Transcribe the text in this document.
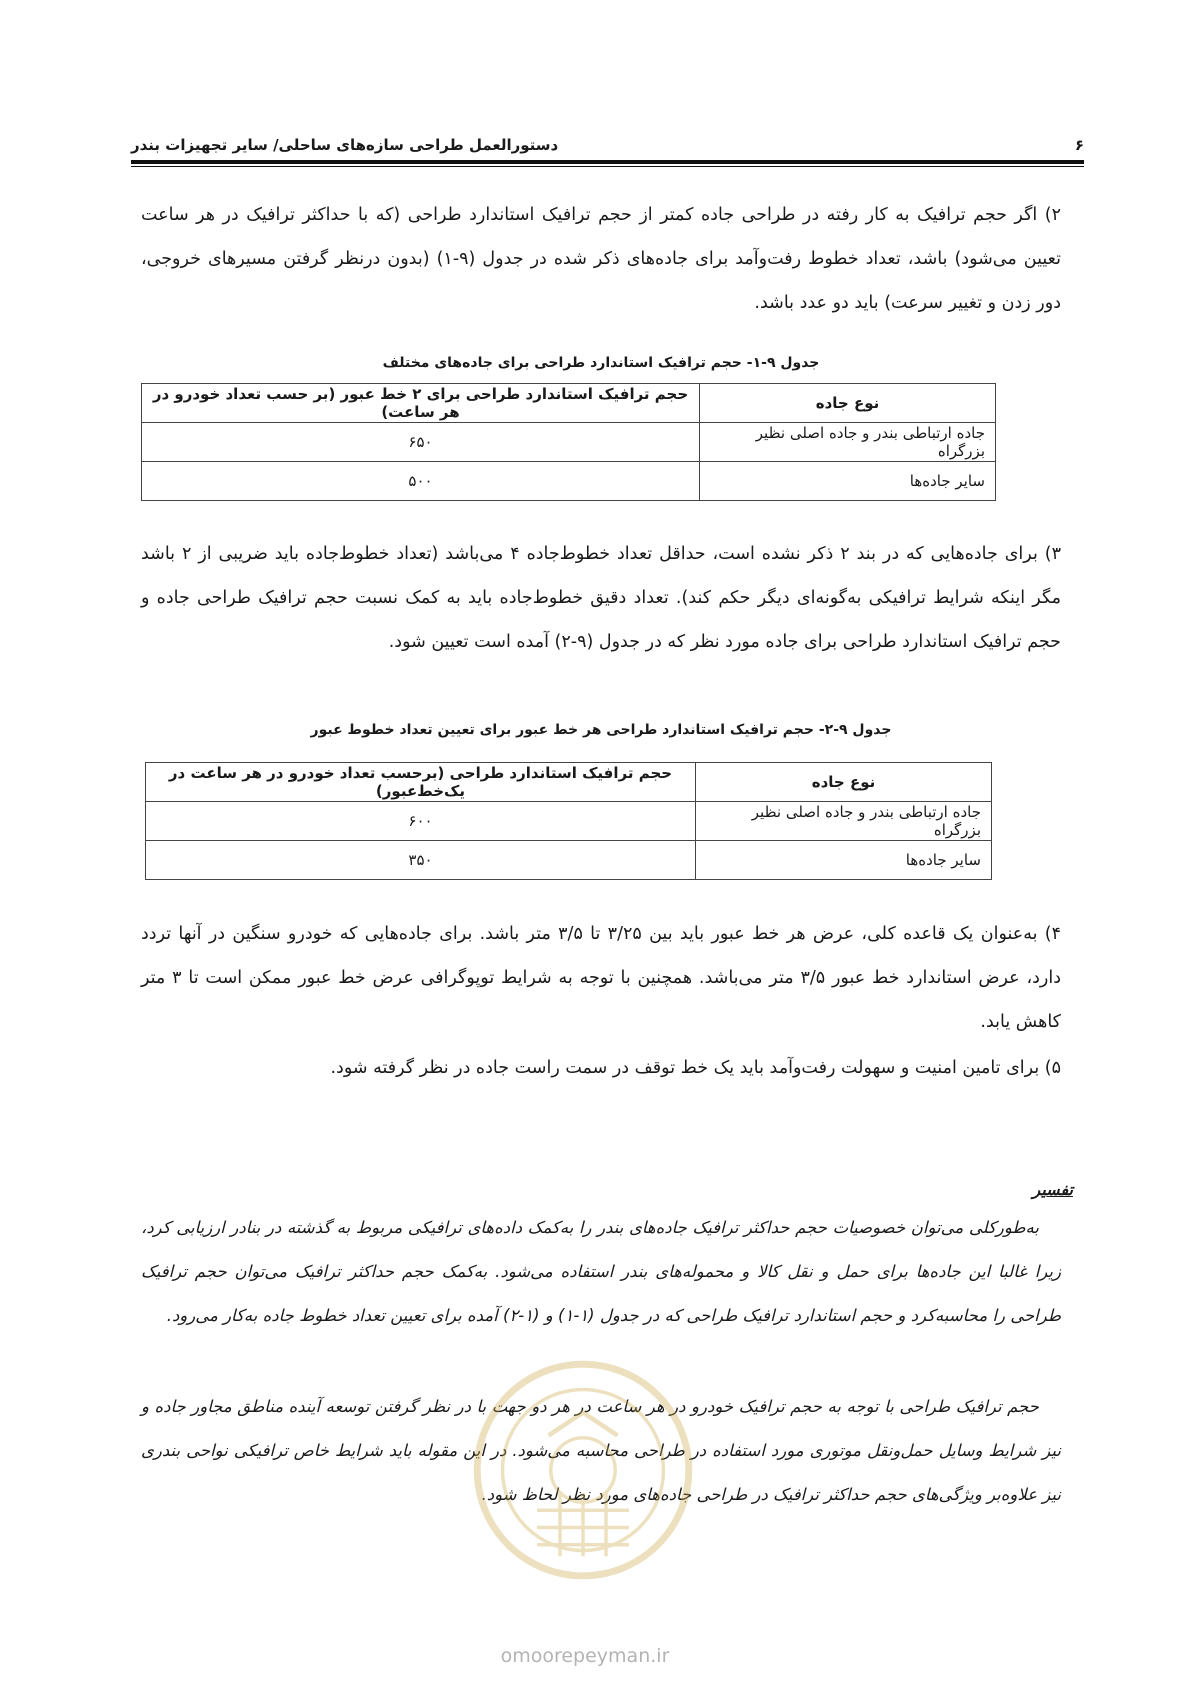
۶
دستورالعمل طراحی سازه‌های ساحلی/ سایر تجهیزات بندر

۲) اگر حجم ترافیک به کار رفته در طراحی جاده کمتر از حجم ترافیک استاندارد طراحی (که با حداکثر ترافیک در هر ساعت تعیین می‌شود) باشد، تعداد خطوط رفت‌وآمد برای جاده‌های ذکر شده در جدول (۹-۱) (بدون درنظر گرفتن مسیرهای خروجی، دور زدن و تغییر سرعت) باید دو عدد باشد.

جدول ۹-۱- حجم ترافیک استاندارد طراحی برای جاده‌های مختلف

نوع جاده	حجم ترافیک استاندارد طراحی برای ۲ خط عبور (بر حسب تعداد خودرو در هر ساعت)
جاده ارتباطی بندر و جاده اصلی نظیر بزرگراه	۶۵۰
سایر جاده‌ها	۵۰۰

۳) برای جاده‌هایی که در بند ۲ ذکر نشده است، حداقل تعداد خطوط‌جاده ۴ می‌باشد (تعداد خطوط‌جاده باید ضریبی از ۲ باشد مگر اینکه شرایط ترافیکی به‌گونه‌ای دیگر حکم کند). تعداد دقیق خطوط‌جاده باید به کمک نسبت حجم ترافیک طراحی جاده و حجم ترافیک استاندارد طراحی برای جاده مورد نظر که در جدول (۹-۲) آمده است تعیین شود.

جدول ۹-۲- حجم ترافیک استاندارد طراحی هر خط عبور برای تعیین تعداد خطوط عبور

نوع جاده	حجم ترافیک استاندارد طراحی (برحسب تعداد خودرو در هر ساعت در یک‌خط‌عبور)
جاده ارتباطی بندر و جاده اصلی نظیر بزرگراه	۶۰۰
سایر جاده‌ها	۳۵۰

۴) به‌عنوان یک قاعده کلی، عرض هر خط عبور باید بین ۳/۲۵ تا ۳/۵ متر باشد. برای جاده‌هایی که خودرو سنگین در آنها تردد دارد، عرض استاندارد خط عبور ۳/۵ متر می‌باشد. همچنین با توجه به شرایط توپوگرافی عرض خط عبور ممکن است تا ۳ متر کاهش یابد.

۵) برای تامین امنیت و سهولت رفت‌وآمد باید یک خط توقف در سمت راست جاده در نظر گرفته شود.

تفسیر

به‌طورکلی می‌توان خصوصیات حجم حداکثر ترافیک جاده‌های بندر را به‌کمک داده‌های ترافیکی مربوط به گذشته در بنادر ارزیابی کرد، زیرا غالبا این جاده‌ها برای حمل و نقل کالا و محموله‌های بندر استفاده می‌شود. به‌کمک حجم حداکثر ترافیک می‌توان حجم ترافیک طراحی را محاسبه‌کرد و حجم استاندارد ترافیک طراحی که در جدول (۱-۱) و (۱-۲) آمده برای تعیین تعداد خطوط جاده به‌کار می‌رود.

حجم ترافیک طراحی با توجه به حجم ترافیک خودرو در هر ساعت در هر دو جهت با در نظر گرفتن توسعه آینده مناطق مجاور جاده و نیز شرایط وسایل حمل‌ونقل موتوری مورد استفاده در طراحی محاسبه می‌شود. در این مقوله باید شرایط خاص ترافیکی نواحی بندری نیز علاوه‌بر ویژگی‌های حجم حداکثر ترافیک در طراحی جاده‌های مورد نظر لحاظ شود.

omoorepeyman.ir
